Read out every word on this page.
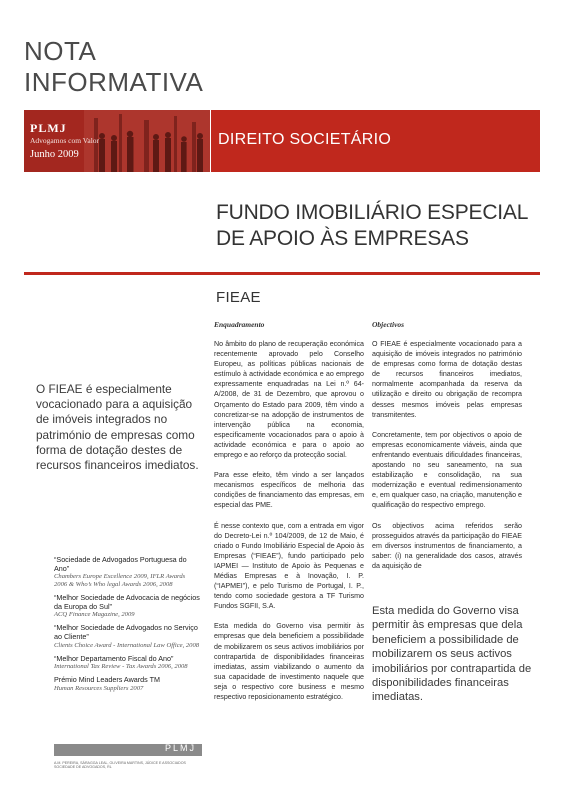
NOTA
INFORMATIVA
PLMJ
Advogamos com Valor
Junho 2009
DIREITO SOCIETÁRIO
FUNDO IMOBILIÁRIO ESPECIAL
DE APOIO ÀS EMPRESAS
FIEAE
O FIEAE é especialmente vocacionado para a aquisição de imóveis integrados no património de empresas como forma de dotação destes de recursos financeiros imediatos.
“Sociedade de Advogados Portuguesa do Ano”
Chambers Europe Excellence 2009, IFLR Awards 2006 & Who’s Who legal Awards 2006, 2008
“Melhor Sociedade de Advocacia de negócios da Europa do Sul”
ACQ Finance Magazine, 2009
“Melhor Sociedade de Advogados no Serviço ao Cliente”
Clients Choice Award - International Law Office, 2008
“Melhor Departamento Fiscal do Ano”
International Tax Review - Tax Awards 2006, 2008
Prémio Mind Leaders Awards TM
Human Resources Suppliers 2007
PLMJ
A.M. PEREIRA, SÁRAGGA LEAL, OLIVEIRA MARTINS, JÚDICE E ASSOCIADOS SOCIEDADE DE ADVOGADOS, RL
Enquadramento

No âmbito do plano de recuperação económica recentemente aprovado pelo Conselho Europeu, as políticas públicas nacionais de estímulo à actividade económica e ao emprego expressamente enquadradas na Lei n.º 64-A/2008, de 31 de Dezembro, que aprovou o Orçamento do Estado para 2009, têm vindo a concretizar-se na adopção de instrumentos de intervenção pública na economia, especificamente vocacionados para o apoio à actividade económica e para o apoio ao emprego e ao reforço da protecção social.

Para esse efeito, têm vindo a ser lançados mecanismos específicos de melhoria das condições de financiamento das empresas, em especial das PME.

É nesse contexto que, com a entrada em vigor do Decreto-Lei n.º 104/2009, de 12 de Maio, é criado o Fundo Imobiliário Especial de Apoio às Empresas (“FIEAE”), fundo participado pelo IAPMEI — Instituto de Apoio às Pequenas e Médias Empresas e à Inovação, I. P. (“IAPMEI”), e pelo Turismo de Portugal, I. P., tendo como sociedade gestora a TF Turismo Fundos SGFII, S.A.

Esta medida do Governo visa permitir às empresas que dela beneficiem a possibilidade de mobilizarem os seus activos imobiliários por contrapartida de disponibilidades financeiras imediatas, assim viabilizando o aumento da sua capacidade de investimento naquele que seja o respectivo core business e mesmo respectivo reposicionamento estratégico.

Objectivos

O FIEAE é especialmente vocacionado para a aquisição de imóveis integrados no património de empresas como forma de dotação destas de recursos financeiros imediatos, normalmente acompanhada da reserva da utilização e direito ou obrigação de recompra desses mesmos imóveis pelas empresas transmitentes.

Concretamente, tem por objectivos o apoio de empresas economicamente viáveis, ainda que enfrentando eventuais dificuldades financeiras, apostando no seu saneamento, na sua estabilização e consolidação, na sua modernização e eventual redimensionamento e, em qualquer caso, na criação, manutenção e qualificação do respectivo emprego.

Os objectivos acima referidos serão prosseguidos através da participação do FIEAE em diversos instrumentos de financiamento, a saber: (i) na generalidade dos casos, através da aquisição de

Esta medida do Governo visa permitir às empresas que dela beneficiem a possibilidade de mobilizarem os seus activos imobiliários por contrapartida de disponibilidades financeiras imediatas.
